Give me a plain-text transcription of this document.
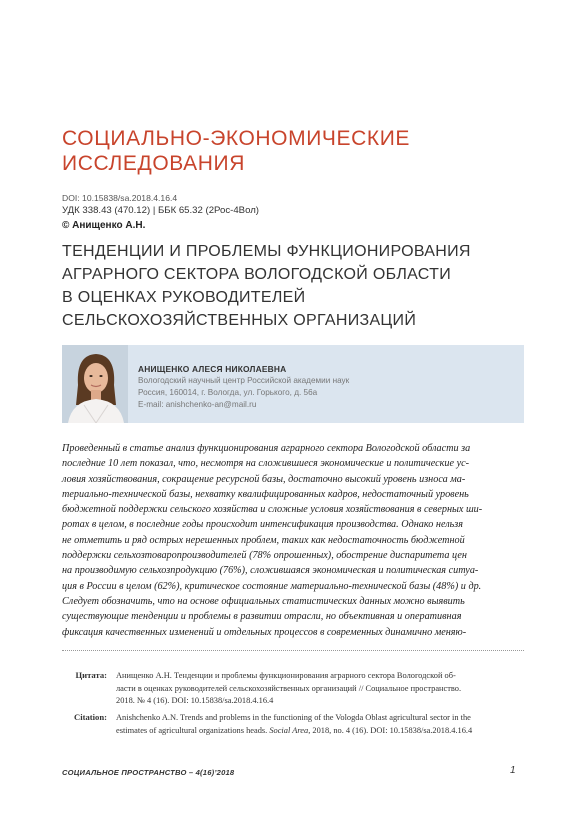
СОЦИАЛЬНО-ЭКОНОМИЧЕСКИЕ
ИССЛЕДОВАНИЯ
DOI: 10.15838/sa.2018.4.16.4
УДК 338.43 (470.12) | ББК 65.32 (2Рос-4Вол)
© Анищенко А.Н.
ТЕНДЕНЦИИ И ПРОБЛЕМЫ ФУНКЦИОНИРОВАНИЯ
АГРАРНОГО СЕКТОРА ВОЛОГОДСКОЙ ОБЛАСТИ
В ОЦЕНКАХ РУКОВОДИТЕЛЕЙ
СЕЛЬСКОХОЗЯЙСТВЕННЫХ ОРГАНИЗАЦИЙ
АНИЩЕНКО АЛЕСЯ НИКОЛАЕВНА
Вологодский научный центр Российской академии наук
Россия, 160014, г. Вологда, ул. Горького, д. 56а
E-mail: anishchenko-an@mail.ru
Проведенный в статье анализ функционирования аграрного сектора Вологодской области за
последние 10 лет показал, что, несмотря на сложившиеся экономические и политические ус-
ловия хозяйствования, сокращение ресурсной базы, достаточно высокий уровень износа ма-
териально-технической базы, нехватку квалифицированных кадров, недостаточный уровень
бюджетной поддержки сельского хозяйства и сложные условия хозяйствования в северных ши-
ротах в целом, в последние годы происходит интенсификация производства. Однако нельзя
не отметить и ряд острых нерешенных проблем, таких как недостаточность бюджетной
поддержки сельхозтоваропроизводителей (78% опрошенных), обострение диспаритета цен
на производимую сельхозпродукцию (76%), сложившаяся экономическая и политическая ситуа-
ция в России в целом (62%), критическое состояние материально-технической базы (48%) и др.
Следует обозначить, что на основе официальных статистических данных можно выявить
существующие тенденции и проблемы в развитии отрасли, но объективная и оперативная
фиксация качественных изменений и отдельных процессов в современных динамично меняю-
Цитата: Анищенко А.Н. Тенденции и проблемы функционирования аграрного сектора Вологодской об-
ласти в оценках руководителей сельскохозяйственных организаций // Социальное пространство.
2018. № 4 (16). DOI: 10.15838/sa.2018.4.16.4
Citation: Anishchenko A.N. Trends and problems in the functioning of the Vologda Oblast agricultural sector in the
estimates of agricultural organizations heads. Social Area, 2018, no. 4 (16). DOI: 10.15838/sa.2018.4.16.4
СОЦИАЛЬНОЕ ПРОСТРАНСТВО – 4(16)’2018	1
